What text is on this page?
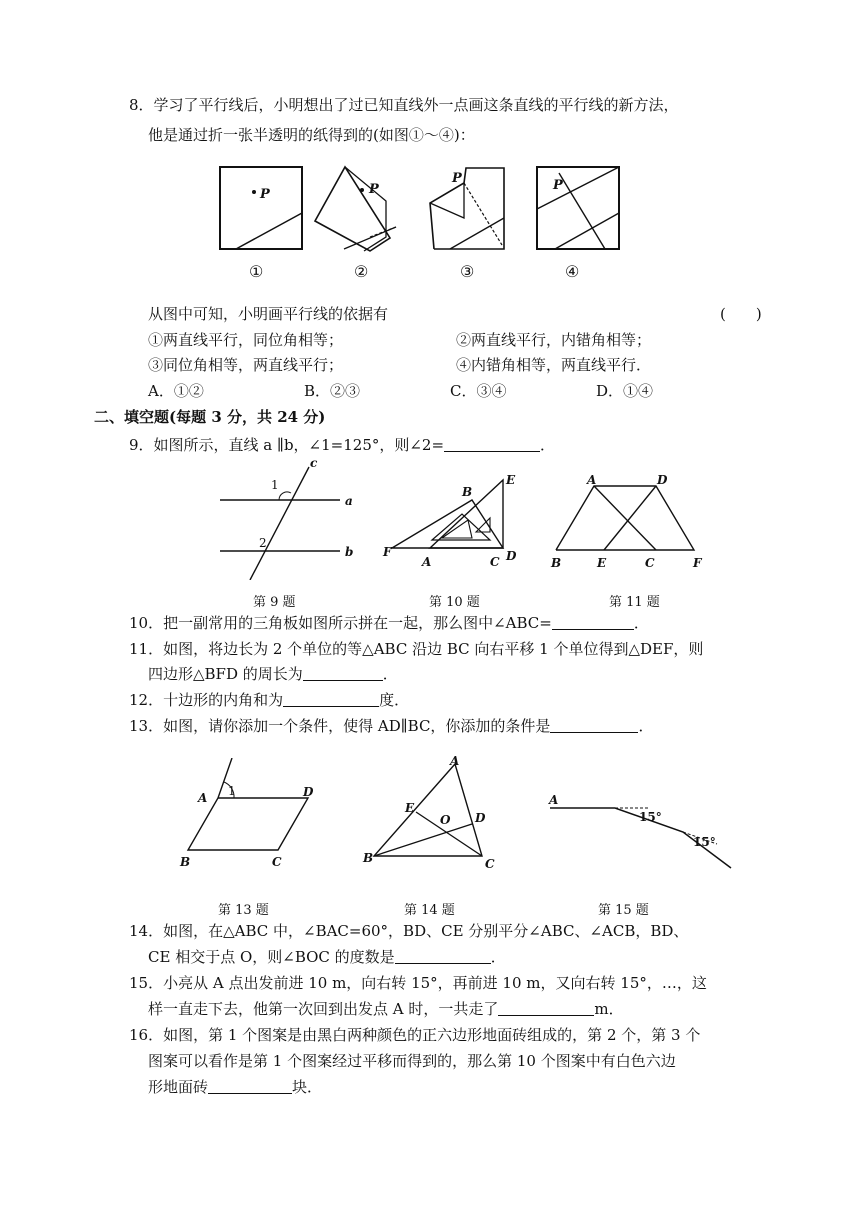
8．学习了平行线后，小明想出了过已知直线外一点画这条直线的平行线的新方法，
他是通过折一张半透明的纸得到的(如图①～④)：
P	P
P	P
①	②	③	④
从图中可知，小明画平行线的依据有	(　　)
①两直线平行，同位角相等；	②两直线平行，内错角相等；
③同位角相等，两直线平行；	④内错角相等，两直线平行．
A．①②	B．②③	C．③④	D．①④
二、填空题(每题 3 分，共 24 分)
9．如图所示，直线 a ∥b，∠1=125°，则∠2=	．
c
a
b
1
2
B
E
F
A	C D
A	D
B	E	C	F
第 9 题	第 10 题	第 11 题
10．把一副常用的三角板如图所示拼在一起，那么图中∠ABC=	．
11．如图，将边长为 2 个单位的等△ABC 沿边 BC 向右平移 1 个单位得到△DEF，则
四边形△BFD 的周长为	．
12．十边形的内角和为	度．
13．如图，请你添加一个条件，使得 AD∥BC，你添加的条件是	．
A 1	D
B	C
A
E
O D
B	C
A
15°
15°
第 13 题	第 14 题	第 15 题
14．如图，在△ABC 中，∠BAC=60°，BD、CE 分别平分∠ABC、∠ACB，BD、
CE 相交于点 O，则∠BOC 的度数是	．
15．小亮从 A 点出发前进 10 m，向右转 15°，再前进 10 m，又向右转 15°，…，这
样一直走下去，他第一次回到出发点 A 时，一共走了	m．
16．如图，第 1 个图案是由黑白两种颜色的正六边形地面砖组成的，第 2 个，第 3 个
图案可以看作是第 1 个图案经过平移而得到的，那么第 10 个图案中有白色六边
形地面砖	块．
